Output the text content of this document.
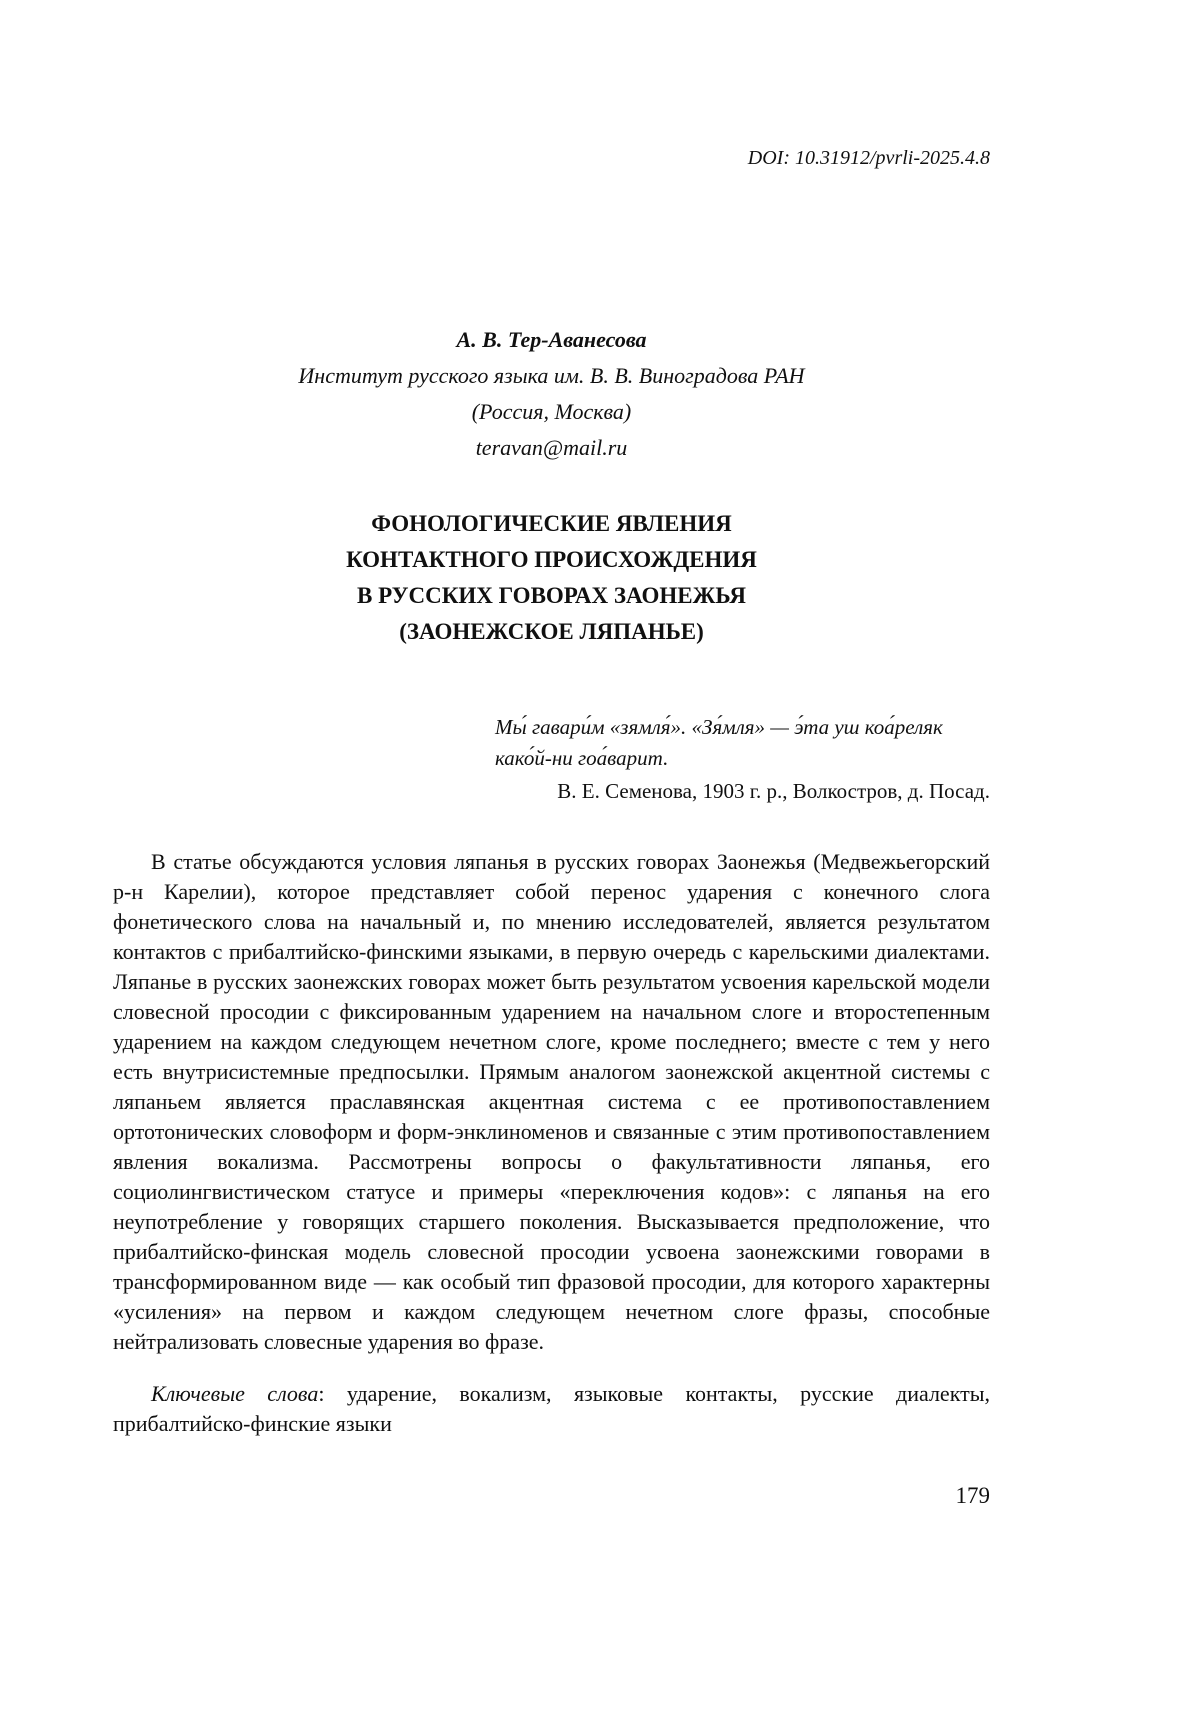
DOI: 10.31912/pvrli-2025.4.8
А. В. Тер-Аванесова
Институт русского языка им. В. В. Виноградова РАН
(Россия, Москва)
teravan@mail.ru
ФОНОЛОГИЧЕСКИЕ ЯВЛЕНИЯ
КОНТАКТНОГО ПРОИСХОЖДЕНИЯ
В РУССКИХ ГОВОРАХ ЗАОНЕЖЬЯ
(ЗАОНЕЖСКОЕ ЛЯПАНЬЕ)
Мы́ гавари́м «зямля́». «Зя́мля» — э́та уш коа́реляк како́й-ни гоа́варит.
В. Е. Семенова, 1903 г. р., Волкостров, д. Посад.

В статье обсуждаются условия ляпанья в русских говорах Заонежья (Медвежьегорский р-н Карелии), которое представляет собой перенос ударения с конечного слога фонетического слова на начальный и, по мнению исследователей, является результатом контактов с прибалтийско-финскими языками, в первую очередь с карельскими диалектами. Ляпанье в русских заонежских говорах может быть результатом усвоения карельской модели словесной просодии с фиксированным ударением на начальном слоге и второстепенным ударением на каждом следующем нечетном слоге, кроме последнего; вместе с тем у него есть внутрисистемные предпосылки. Прямым аналогом заонежской акцентной системы с ляпаньем является праславянская акцентная система с ее противопоставлением ортотонических словоформ и форм-энклиноменов и связанные с этим противопоставлением явления вокализма. Рассмотрены вопросы о факультативности ляпанья, его социолингвистическом статусе и примеры «переключения кодов»: с ляпанья на его неупотребление у говорящих старшего поколения. Высказывается предположение, что прибалтийско-финская модель словесной просодии усвоена заонежскими говорами в трансформированном виде — как особый тип фразовой просодии, для которого характерны «усиления» на первом и каждом следующем нечетном слоге фразы, способные нейтрализовать словесные ударения во фразе.

Ключевые слова: ударение, вокализм, языковые контакты, русские диалекты, прибалтийско-финские языки

179
